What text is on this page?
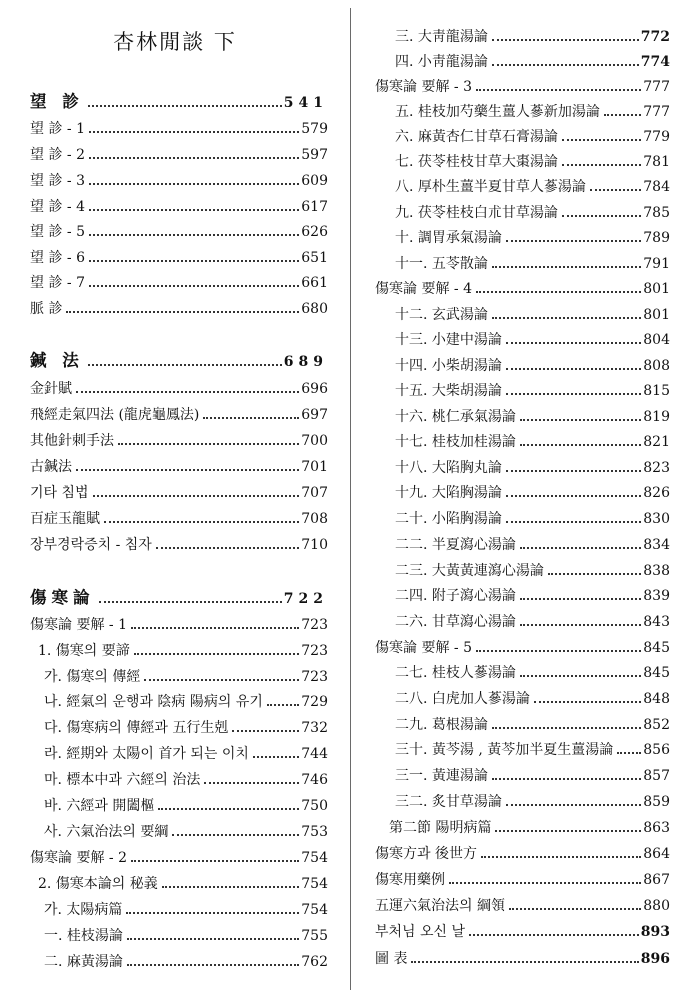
杏林閒談 下
望 診	541
望 診 - 1	579
望 診 - 2	597
望 診 - 3	609
望 診 - 4	617
望 診 - 5	626
望 診 - 6	651
望 診 - 7	661
脈 診	680
鍼 法	689
金針賦	696
飛經走氣四法 (龍虎龜鳳法)	697
其他針刺手法	700
古鍼法	701
기타 침법	707
百症玉龍賦	708
장부경락증치 - 침자	710
傷寒論	722
傷寒論 要解 - 1	723
1. 傷寒의 要諦	723
가. 傷寒의 傳經	723
나. 經氣의 운행과 陰病 陽病의 유기	729
다. 傷寒病의 傳經과 五行生剋	732
라. 經期와 太陽이 首가 되는 이치	744
마. 標本中과 六經의 治法	746
바. 六經과 開闔樞	750
사. 六氣治法의 要綱	753
傷寒論 要解 - 2	754
2. 傷寒本論의 秘義	754
가. 太陽病篇	754
一. 桂枝湯論	755
二. 麻黃湯論	762
三. 大靑龍湯論	772
四. 小靑龍湯論	774
傷寒論 要解 - 3	777
五. 桂枝加芍藥生薑人蔘新加湯論	777
六. 麻黃杏仁甘草石膏湯論	779
七. 茯苓桂枝甘草大棗湯論	781
八. 厚朴生薑半夏甘草人蔘湯論	784
九. 茯苓桂枝白朮甘草湯論	785
十. 調胃承氣湯論	789
十一. 五苓散論	791
傷寒論 要解 - 4	801
十二. 玄武湯論	801
十三. 小建中湯論	804
十四. 小柴胡湯論	808
十五. 大柴胡湯論	815
十六. 桃仁承氣湯論	819
十七. 桂枝加桂湯論	821
十八. 大陷胸丸論	823
十九. 大陷胸湯論	826
二十. 小陷胸湯論	830
二二. 半夏瀉心湯論	834
二三. 大黃黃連瀉心湯論	838
二四. 附子瀉心湯論	839
二六. 甘草瀉心湯論	843
傷寒論 要解 - 5	845
二七. 桂枝人蔘湯論	845
二八. 白虎加人蔘湯論	848
二九. 葛根湯論	852
三十. 黃芩湯 , 黃芩加半夏生薑湯論 856
三一. 黃連湯論	857
三二. 炙甘草湯論	859
第二節 陽明病篇	863
傷寒方과 後世方	864
傷寒用藥例	867
五運六氣治法의 綱領	880
부처님 오신 날	893
圖 表	896
